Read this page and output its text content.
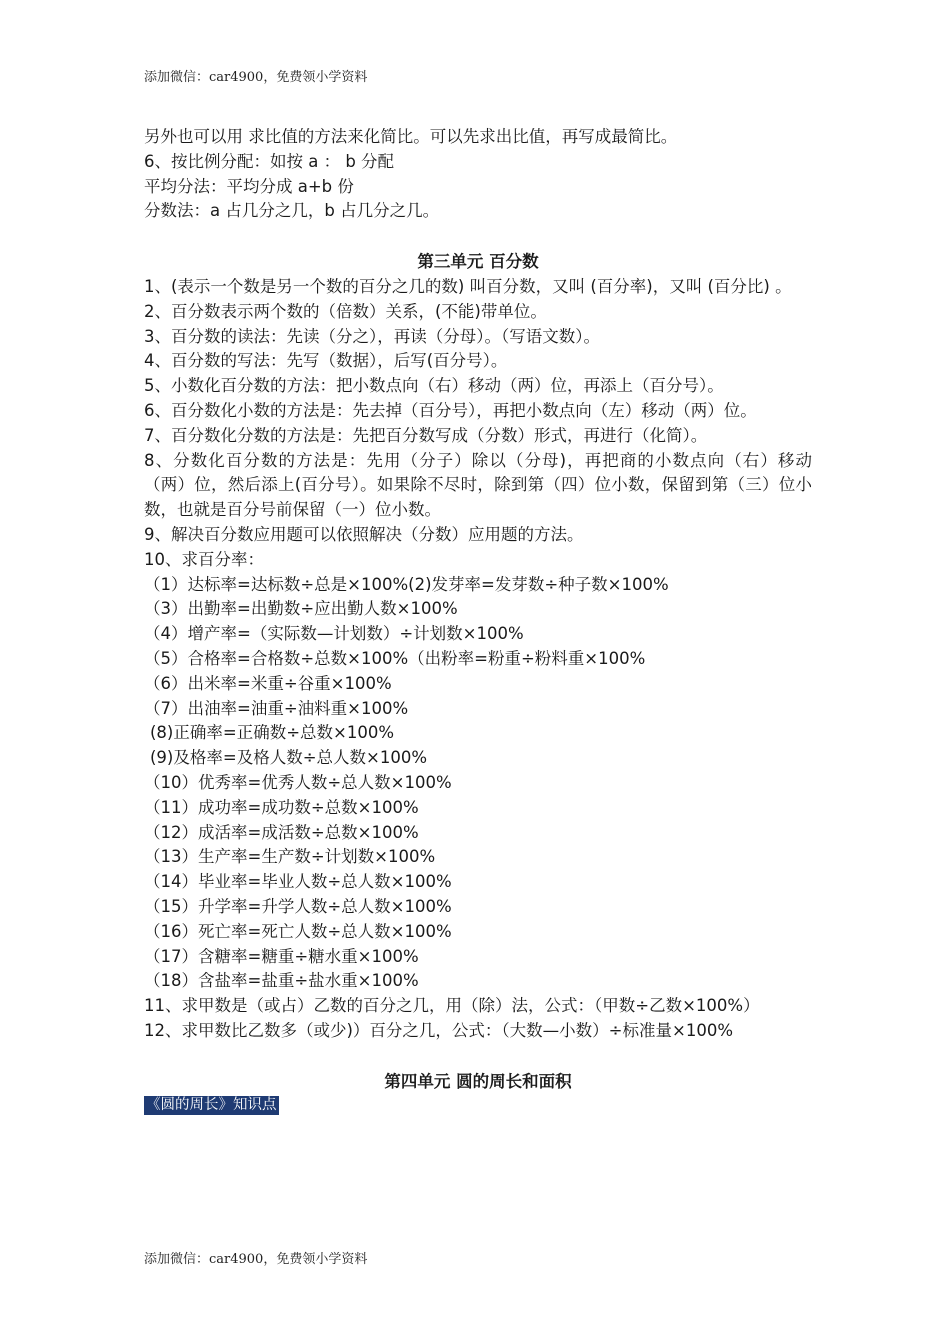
添加微信：car4900，免费领小学资料
另外也可以用 求比值的方法来化简比。可以先求出比值，再写成最简比。
6、按比例分配：如按 a ： b 分配
平均分法：平均分成 a+b 份
分数法：a 占几分之几，b 占几分之几。
第三单元 百分数
1、(表示一个数是另一个数的百分之几的数) 叫百分数，又叫 (百分率)，又叫 (百分比) 。
2、百分数表示两个数的（倍数）关系，(不能)带单位。
3、百分数的读法：先读（分之），再读（分母）。（写语文数）。
4、百分数的写法：先写（数据），后写(百分号）。
5、小数化百分数的方法：把小数点向（右）移动（两）位，再添上（百分号）。
6、百分数化小数的方法是：先去掉（百分号），再把小数点向（左）移动（两）位。
7、百分数化分数的方法是：先把百分数写成（分数）形式，再进行（化简）。
8、分数化百分数的方法是：先用（分子）除以（分母)，再把商的小数点向（右）移动（两）位，然后添上(百分号）。如果除不尽时，除到第（四）位小数，保留到第（三）位小数，也就是百分号前保留（一）位小数。
9、解决百分数应用题可以依照解决（分数）应用题的方法。
10、求百分率：
（1）达标率=达标数÷总是×100%(2)发芽率=发芽数÷种子数×100%
（3）出勤率=出勤数÷应出勤人数×100%
（4）增产率=（实际数—计划数）÷计划数×100%
（5）合格率=合格数÷总数×100%（出粉率=粉重÷粉料重×100%
（6）出米率=米重÷谷重×100%
（7）出油率=油重÷油料重×100%
(8)正确率=正确数÷总数×100%
(9)及格率=及格人数÷总人数×100%
（10）优秀率=优秀人数÷总人数×100%
（11）成功率=成功数÷总数×100%
（12）成活率=成活数÷总数×100%
（13）生产率=生产数÷计划数×100%
（14）毕业率=毕业人数÷总人数×100%
（15）升学率=升学人数÷总人数×100%
（16）死亡率=死亡人数÷总人数×100%
（17）含糖率=糖重÷糖水重×100%
（18）含盐率=盐重÷盐水重×100%
11、求甲数是（或占）乙数的百分之几，用（除）法，公式：（甲数÷乙数×100%）
12、求甲数比乙数多（或少)）百分之几，公式：（大数—小数）÷标准量×100%
第四单元 圆的周长和面积
《圆的周长》知识点
添加微信：car4900，免费领小学资料
